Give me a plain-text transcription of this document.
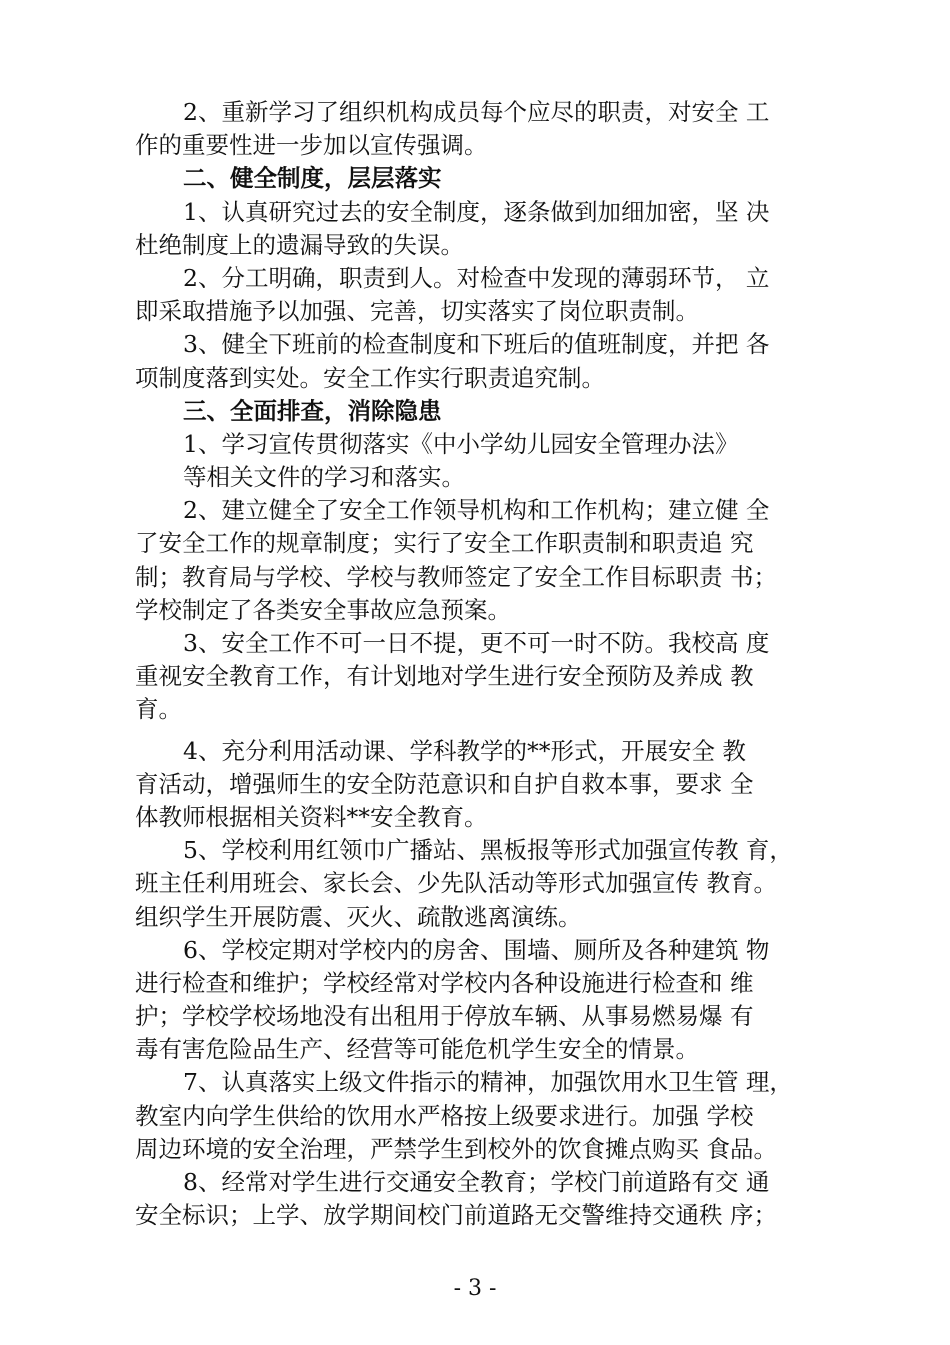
2、重新学习了组织机构成员每个应尽的职责，对安全 工
作的重要性进一步加以宣传强调。
二、健全制度，层层落实
1、认真研究过去的安全制度，逐条做到加细加密，坚 决
杜绝制度上的遗漏导致的失误。
2、分工明确，职责到人。对检查中发现的薄弱环节， 立
即采取措施予以加强、完善，切实落实了岗位职责制。
3、健全下班前的检查制度和下班后的值班制度，并把 各
项制度落到实处。安全工作实行职责追究制。
三、全面排查，消除隐患
1、学习宣传贯彻落实《中小学幼儿园安全管理办法》
等相关文件的学习和落实。
2、建立健全了安全工作领导机构和工作机构；建立健 全
了安全工作的规章制度；实行了安全工作职责制和职责追 究
制；教育局与学校、学校与教师签定了安全工作目标职责 书；
学校制定了各类安全事故应急预案。
3、安全工作不可一日不提，更不可一时不防。我校高 度
重视安全教育工作，有计划地对学生进行安全预防及养成 教
育。
4、充分利用活动课、学科教学的**形式，开展安全 教
育活动，增强师生的安全防范意识和自护自救本事，要求 全
体教师根据相关资料**安全教育。
5、学校利用红领巾广播站、黑板报等形式加强宣传教 育，
班主任利用班会、家长会、少先队活动等形式加强宣传 教育。
组织学生开展防震、灭火、疏散逃离演练。
6、学校定期对学校内的房舍、围墙、厕所及各种建筑 物
进行检查和维护；学校经常对学校内各种设施进行检查和 维
护；学校学校场地没有出租用于停放车辆、从事易燃易爆 有
毒有害危险品生产、经营等可能危机学生安全的情景。
7、认真落实上级文件指示的精神，加强饮用水卫生管 理，
教室内向学生供给的饮用水严格按上级要求进行。加强 学校
周边环境的安全治理，严禁学生到校外的饮食摊点购买 食品。
8、经常对学生进行交通安全教育；学校门前道路有交 通
安全标识；上学、放学期间校门前道路无交警维持交通秩 序；
- 3 -
